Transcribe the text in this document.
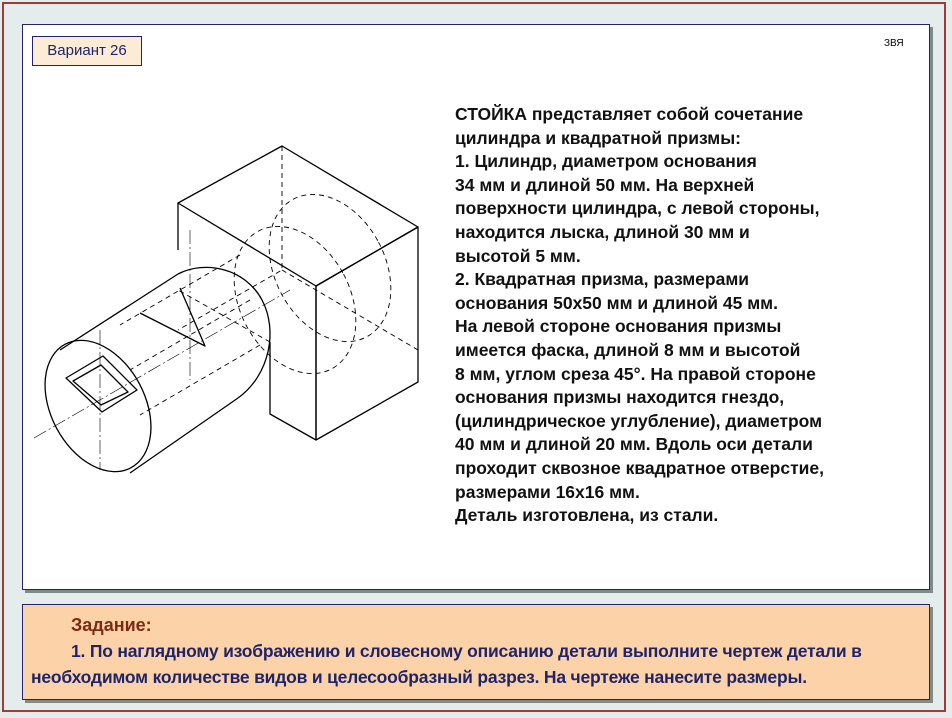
Вариант 26	ЗВЯ
СТОЙКА представляет собой сочетание
цилиндра и квадратной призмы:
1. Цилиндр, диаметром основания
34 мм и длиной 50 мм. На верхней
поверхности цилиндра, с левой стороны,
находится лыска, длиной 30 мм и
высотой 5 мм.
2. Квадратная призма, размерами
основания 50х50 мм и длиной 45 мм.
На левой стороне основания призмы
имеется фаска, длиной 8 мм и высотой
8 мм, углом среза 45°. На правой стороне
основания призмы находится гнездо,
(цилиндрическое углубление), диаметром
40 мм и длиной 20 мм. Вдоль оси детали
проходит сквозное квадратное отверстие,
размерами 16х16 мм.
Деталь изготовлена, из стали.
Задание:
1. По наглядному изображению и словесному описанию детали выполните чертеж детали в
необходимом количестве видов и целесообразный разрез. На чертеже нанесите размеры.
